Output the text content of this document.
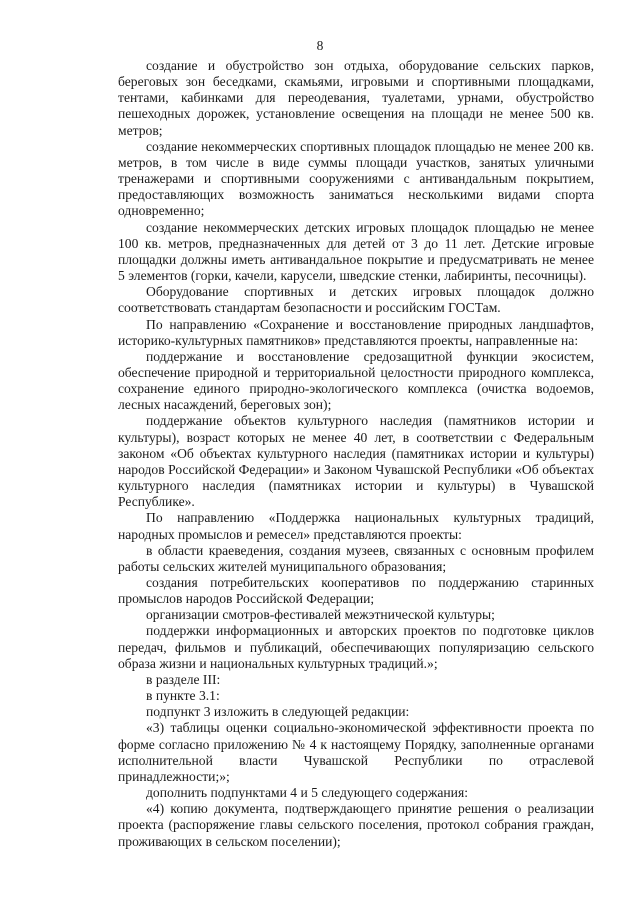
8

создание и обустройство зон отдыха, оборудование сельских парков, береговых зон беседками, скамьями, игровыми и спортивными площадками, тентами, кабинками для переодевания, туалетами, урнами, обустройство пешеходных дорожек, установление освещения на площади не менее 500 кв. метров;

создание некоммерческих спортивных площадок площадью не менее 200 кв. метров, в том числе в виде суммы площади участков, занятых уличными тренажерами и спортивными сооружениями с антивандальным покрытием, предоставляющих возможность заниматься несколькими видами спорта одновременно;

создание некоммерческих детских игровых площадок площадью не менее 100 кв. метров, предназначенных для детей от 3 до 11 лет. Детские игровые площадки должны иметь антивандальное покрытие и предусматривать не менее 5 элементов (горки, качели, карусели, шведские стенки, лабиринты, песочницы).

Оборудование спортивных и детских игровых площадок должно соответствовать стандартам безопасности и российским ГОСТам.

По направлению «Сохранение и восстановление природных ландшафтов, историко-культурных памятников» представляются проекты, направленные на:

поддержание и восстановление средозащитной функции экосистем, обеспечение природной и территориальной целостности природного комплекса, сохранение единого природно-экологического комплекса (очистка водоемов, лесных насаждений, береговых зон);

поддержание объектов культурного наследия (памятников истории и культуры), возраст которых не менее 40 лет, в соответствии с Федеральным законом «Об объектах культурного наследия (памятниках истории и культуры) народов Российской Федерации» и Законом Чувашской Республики «Об объектах культурного наследия (памятниках истории и культуры) в Чувашской Республике».

По направлению «Поддержка национальных культурных традиций, народных промыслов и ремесел» представляются проекты:

в области краеведения, создания музеев, связанных с основным профилем работы сельских жителей муниципального образования;

создания потребительских кооперативов по поддержанию старинных промыслов народов Российской Федерации;

организации смотров-фестивалей межэтнической культуры;

поддержки информационных и авторских проектов по подготовке циклов передач, фильмов и публикаций, обеспечивающих популяризацию сельского образа жизни и национальных культурных традиций.»;

в разделе III:

в пункте 3.1:

подпункт 3 изложить в следующей редакции:

«3) таблицы оценки социально-экономической эффективности проекта по форме согласно приложению № 4 к настоящему Порядку, заполненные органами исполнительной власти Чувашской Республики по отраслевой принадлежности;»;

дополнить подпунктами 4 и 5 следующего содержания:

«4) копию документа, подтверждающего принятие решения о реализации проекта (распоряжение главы сельского поселения, протокол собрания граждан, проживающих в сельском поселении);
